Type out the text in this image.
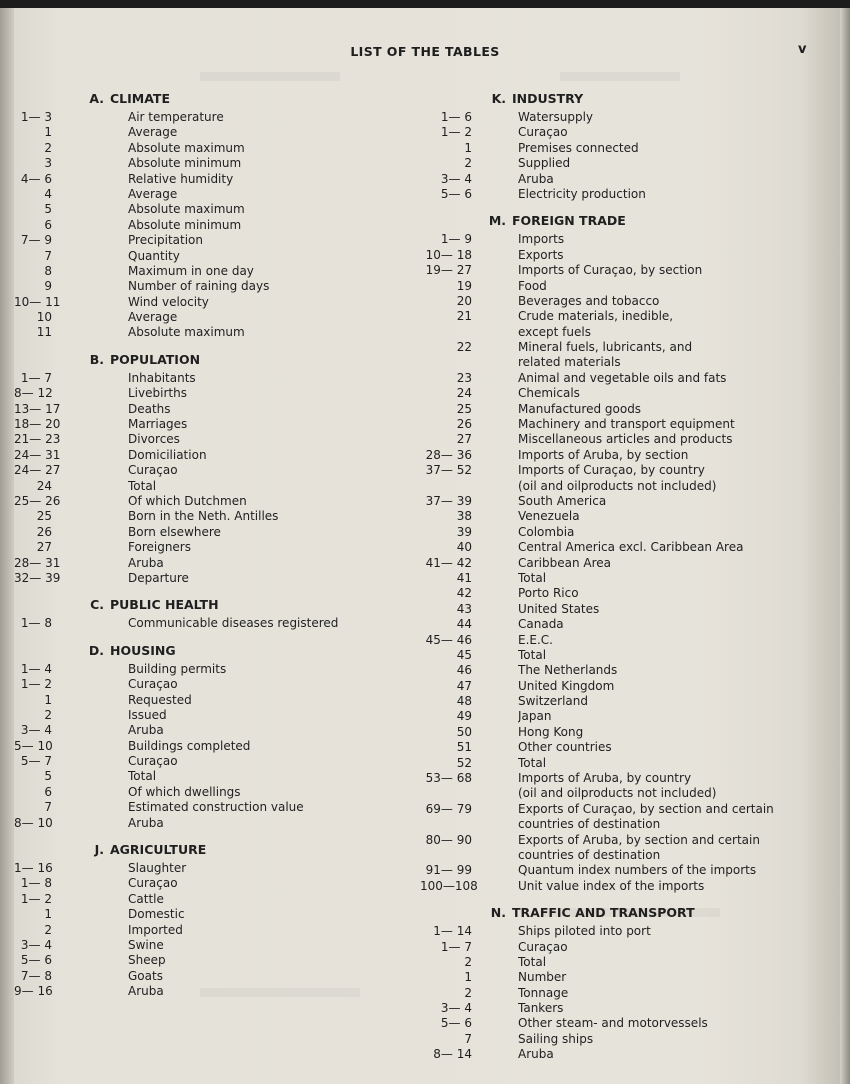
LIST OF THE TABLES	v
A. CLIMATE
1— 3	Air temperature
1	Average
2	Absolute maximum
3	Absolute minimum
4— 6	Relative humidity
4	Average
5	Absolute maximum
6	Absolute minimum
7— 9	Precipitation
7	Quantity
8	Maximum in one day
9	Number of raining days
10— 11	Wind velocity
10	Average
11	Absolute maximum
B. POPULATION
1— 7	Inhabitants
8— 12	Livebirths
13— 17	Deaths
18— 20	Marriages
21— 23	Divorces
24— 31	Domiciliation
24— 27	Curaçao
24	Total
25— 26	Of which Dutchmen
25	Born in the Neth. Antilles
26	Born elsewhere
27	Foreigners
28— 31	Aruba
32— 39	Departure
C. PUBLIC HEALTH
1— 8	Communicable diseases registered
D. HOUSING
1— 4	Building permits
1— 2	Curaçao
1	Requested
2	Issued
3— 4	Aruba
5— 10	Buildings completed
5— 7	Curaçao
5	Total
6	Of which dwellings
7	Estimated construction value
8— 10	Aruba
J. AGRICULTURE
1— 16	Slaughter
1— 8	Curaçao
1— 2	Cattle
1	Domestic
2	Imported
3— 4	Swine
5— 6	Sheep
7— 8	Goats
9— 16	Aruba
K. INDUSTRY
1— 6	Watersupply
1— 2	Curaçao
1	Premises connected
2	Supplied
3— 4	Aruba
5— 6	Electricity production
M. FOREIGN TRADE
1— 9	Imports
10— 18	Exports
19— 27	Imports of Curaçao, by section
19	Food
20	Beverages and tobacco
21	Crude materials, inedible,
except fuels
22	Mineral fuels, lubricants, and
related materials
23	Animal and vegetable oils and fats
24	Chemicals
25	Manufactured goods
26	Machinery and transport equipment
27	Miscellaneous articles and products
28— 36	Imports of Aruba, by section
37— 52	Imports of Curaçao, by country
(oil and oilproducts not included)
37— 39	South America
38	Venezuela
39	Colombia
40	Central America excl. Caribbean Area
41— 42	Caribbean Area
41	Total
42	Porto Rico
43	United States
44	Canada
45— 46	E.E.C.
45	Total
46	The Netherlands
47	United Kingdom
48	Switzerland
49	Japan
50	Hong Kong
51	Other countries
52	Total
53— 68	Imports of Aruba, by country
(oil and oilproducts not included)
69— 79	Exports of Curaçao, by section and certain
countries of destination
80— 90	Exports of Aruba, by section and certain
countries of destination
91— 99	Quantum index numbers of the imports
100—108	Unit value index of the imports
N. TRAFFIC AND TRANSPORT
1— 14	Ships piloted into port
1— 7	Curaçao
2	Total
1	Number
2	Tonnage
3— 4	Tankers
5— 6	Other steam- and motorvessels
7	Sailing ships
8— 14	Aruba
